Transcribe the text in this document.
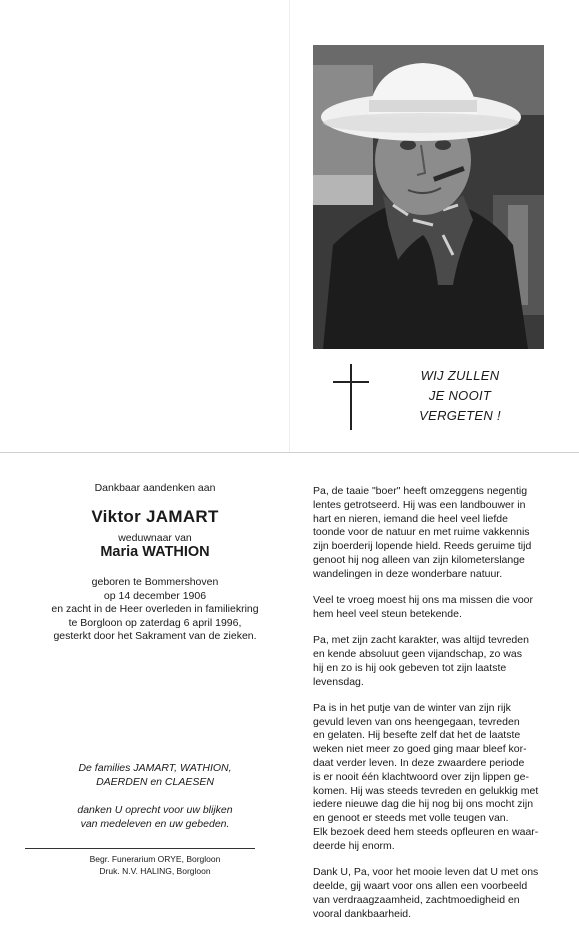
WIJ ZULLEN
JE NOOIT
VERGETEN !
Dankbaar aandenken aan
Viktor JAMART
weduwnaar van
Maria WATHION
geboren te Bommershoven
op 14 december 1906
en zacht in de Heer overleden in familiekring
te Borgloon op zaterdag 6 april 1996,
gesterkt door het Sakrament van de zieken.
De families JAMART, WATHION,
DAERDEN en CLAESEN
danken U oprecht voor uw blijken
van medeleven en uw gebeden.
Begr. Funerarium ORYE, Borgloon
Druk. N.V. HALING, Borgloon
Pa, de taaie "boer" heeft omzeggens negentig
lentes getrotseerd. Hij was een landbouwer in
hart en nieren, iemand die heel veel liefde
toonde voor de natuur en met ruime vakkennis
zijn boerderij lopende hield. Reeds geruime tijd
genoot hij nog alleen van zijn kilometerslange
wandelingen in deze wonderbare natuur.
Veel te vroeg moest hij ons ma missen die voor
hem heel veel steun betekende.
Pa, met zijn zacht karakter, was altijd tevreden
en kende absoluut geen vijandschap, zo was
hij en zo is hij ook gebeven tot zijn laatste
levensdag.
Pa is in het putje van de winter van zijn rijk
gevuld leven van ons heengegaan, tevreden
en gelaten. Hij besefte zelf dat het de laatste
weken niet meer zo goed ging maar bleef kor-
daat verder leven. In deze zwaardere periode
is er nooit één klachtwoord over zijn lippen ge-
komen. Hij was steeds tevreden en gelukkig met
iedere nieuwe dag die hij nog bij ons mocht zijn
en genoot er steeds met volle teugen van.
Elk bezoek deed hem steeds opfleuren en waar-
deerde hij enorm.
Dank U, Pa, voor het mooie leven dat U met ons
deelde, gij waart voor ons allen een voorbeeld
van verdraagzaamheid, zachtmoedigheid en
vooral dankbaarheid.
